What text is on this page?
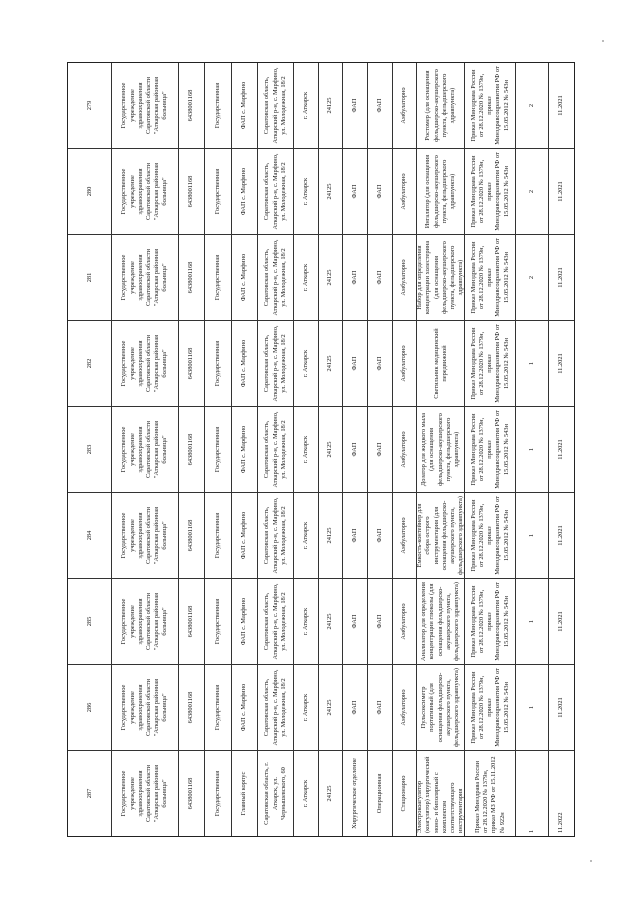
287
286
285
284
283
282
281
280
279
Государственное учреждение здравоохранения Саратовской области "Аткарская районная больница"
Государственное учреждение здравоохранения Саратовской области "Аткарская районная больница"
Государственное учреждение здравоохранения Саратовской области "Аткарская районная больница"
Государственное учреждение здравоохранения Саратовской области "Аткарская районная больница"
Государственное учреждение здравоохранения Саратовской области "Аткарская районная больница"
Государственное учреждение здравоохранения Саратовской области "Аткарская районная больница"
Государственное учреждение здравоохранения Саратовской области "Аткарская районная больница"
Государственное учреждение здравоохранения Саратовской области "Аткарская районная больница"
Государственное учреждение здравоохранения Саратовской области "Аткарская районная больница"
6438001168
6438001168
6438001168
6438001168
6438001168
6438001168
6438001168
6438001168
6438001168
Государственная
Государственная
Государственная
Государственная
Государственная
Государственная
Государственная
Государственная
Государственная
Главный корпус
ФАП с. Марфино
ФАП с. Марфино
ФАП с. Марфино
ФАП с. Марфино
ФАП с. Марфино
ФАП с. Марфино
ФАП с. Марфино
ФАП с. Марфино
Саратовская область, г. Аткарск, ул. Чернышевского, 60
Саратовская область, Аткарский р-н, с. Марфино, ул. Молодежная, 18/2
Саратовская область, Аткарский р-н, с. Марфино, ул. Молодежная, 18/2
Саратовская область, Аткарский р-н, с. Марфино, ул. Молодежная, 18/2
Саратовская область, Аткарский р-н, с. Марфино, ул. Молодежная, 18/2
Саратовская область, Аткарский р-н, с. Марфино, ул. Молодежная, 18/2
Саратовская область, Аткарский р-н, с. Марфино, ул. Молодежная, 18/2
Саратовская область, Аткарский р-н, с. Марфино, ул. Молодежная, 18/2
Саратовская область, Аткарский р-н, с. Марфино, ул. Молодежная, 18/2
г. Аткарск
г. Аткарск
г. Аткарск
г. Аткарск
г. Аткарск
г. Аткарск
г. Аткарск
г. Аткарск
г. Аткарск
24125
24125
24125
24125
24125
24125
24125
24125
24125
Хирургическое отделение
ФАП
ФАП
ФАП
ФАП
ФАП
ФАП
ФАП
ФАП
Операционная
ФАП
ФАП
ФАП
ФАП
ФАП
ФАП
ФАП
ФАП
Стационарно
Амбулаторно
Амбулаторно
Амбулаторно
Амбулаторно
Амбулаторно
Амбулаторно
Амбулаторно
Амбулаторно
Электрокоагулятор (коагулятор) хирургический моно- и биполярный с комплектом соответствующего инструментария
Пульсоксиметр портативный (для оснащения фельдшерско-акушерского пункта, фельдшерского здравпункта)
Анализатор для определения концентрации глюкозы (для оснащения фельдшерско-акушерского пункта, фельдшерского здравпункта)
Емкость-контейнер для сбора острого инструментария (для оснащения фельдшерско-акушерского пункта, фельдшерского здравпункта)
Дозатор для жидкого мыла (для оснащения фельдшерско-акушерского пункта, фельдшерского здравпункта)
Светильник медицинский передвижной
Набор для определения концентрации холестерина (для оснащения фельдшерско-акушерского пункта, фельдшерского здравпункта)
Ингалятор (для оснащения фельдшерско-акушерского пункта, фельдшерского здравпункта)
Ростомер (для оснащения фельдшерско-акушерского пункта, фельдшерского здравпункта)
Приказ Минздрава России от 28.12.2020 № 1379н, приказ МЗ РФ от 15.11.2012 № 922н
Приказ Минздрава России от 28.12.2020 № 1379н, приказ Минздравсоцразвития РФ от 15.05.2012 № 543н
Приказ Минздрава России от 28.12.2020 № 1379н, приказ Минздравсоцразвития РФ от 15.05.2012 № 543н
Приказ Минздрава России от 28.12.2020 № 1379н, приказ Минздравсоцразвития РФ от 15.05.2012 № 543н
Приказ Минздрава России от 28.12.2020 № 1379н, приказ Минздравсоцразвития РФ от 15.05.2012 № 543н
Приказ Минздрава России от 28.12.2020 № 1379н, приказ Минздравсоцразвития РФ от 15.05.2012 № 543н
Приказ Минздрава России от 28.12.2020 № 1379н, приказ Минздравсоцразвития РФ от 15.05.2012 № 543н
Приказ Минздрава России от 28.12.2020 № 1379н, приказ Минздравсоцразвития РФ от 15.05.2012 № 543н
Приказ Минздрава России от 28.12.2020 № 1379н, приказ Минздравсоцразвития РФ от 15.05.2012 № 543н
1
1
1
1
1
1
2
2
2
11.2022
11.2021
11.2021
11.2021
11.2021
11.2021
11.2021
11.2021
11.2021
